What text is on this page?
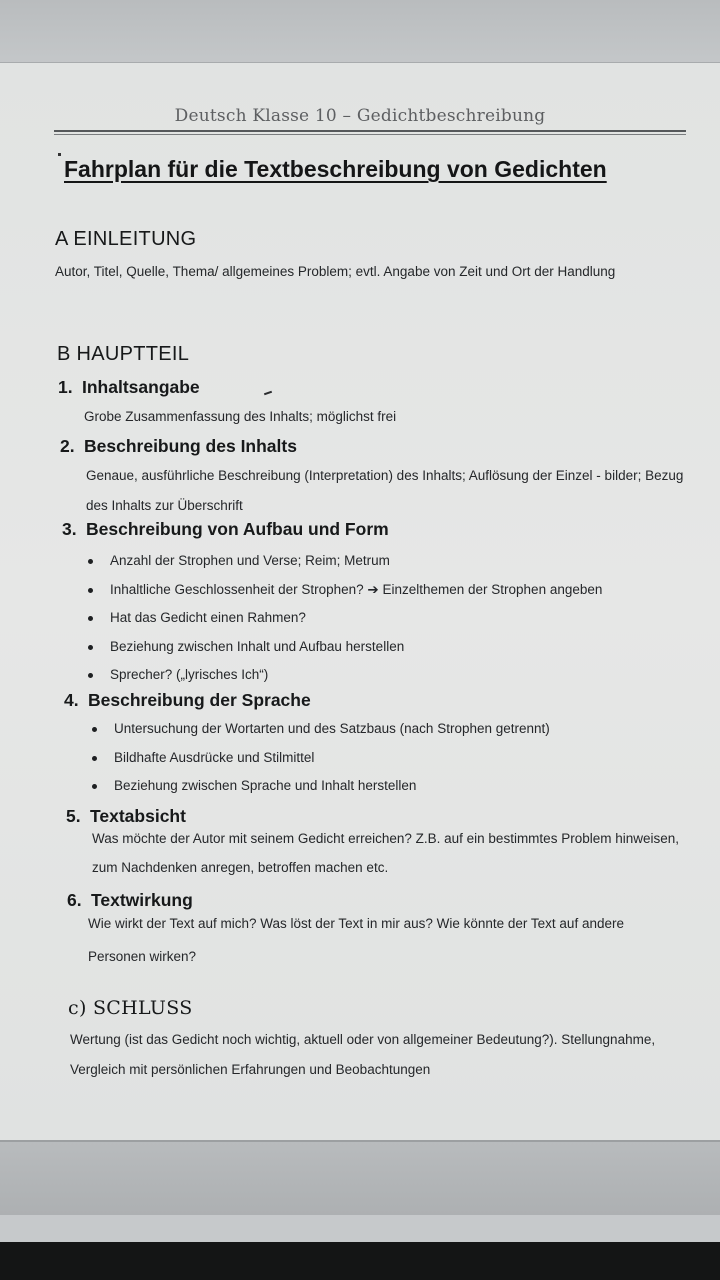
Deutsch Klasse 10 – Gedichtbeschreibung
Fahrplan für die Textbeschreibung von Gedichten
A EINLEITUNG
Autor, Titel, Quelle, Thema/ allgemeines Problem; evtl. Angabe von Zeit und Ort der Handlung
B HAUPTTEIL
1. Inhaltsangabe
Grobe Zusammenfassung des Inhalts; möglichst frei
2. Beschreibung des Inhalts
Genaue, ausführliche Beschreibung (Interpretation) des Inhalts; Auflösung der Einzel - bilder; Bezug des Inhalts zur Überschrift
3. Beschreibung von Aufbau und Form
Anzahl der Strophen und Verse; Reim; Metrum
Inhaltliche Geschlossenheit der Strophen? ➔ Einzelthemen der Strophen angeben
Hat das Gedicht einen Rahmen?
Beziehung zwischen Inhalt und Aufbau herstellen
Sprecher? („lyrisches Ich“)
4. Beschreibung der Sprache
Untersuchung der Wortarten und des Satzbaus (nach Strophen getrennt)
Bildhafte Ausdrücke und Stilmittel
Beziehung zwischen Sprache und Inhalt herstellen
5. Textabsicht
Was möchte der Autor mit seinem Gedicht erreichen? Z.B. auf ein bestimmtes Problem hinweisen, zum Nachdenken anregen, betroffen machen etc.
6. Textwirkung
Wie wirkt der Text auf mich? Was löst der Text in mir aus? Wie könnte der Text auf andere Personen wirken?
c) SCHLUSS
Wertung (ist das Gedicht noch wichtig, aktuell oder von allgemeiner Bedeutung?). Stellungnahme, Vergleich mit persönlichen Erfahrungen und Beobachtungen
